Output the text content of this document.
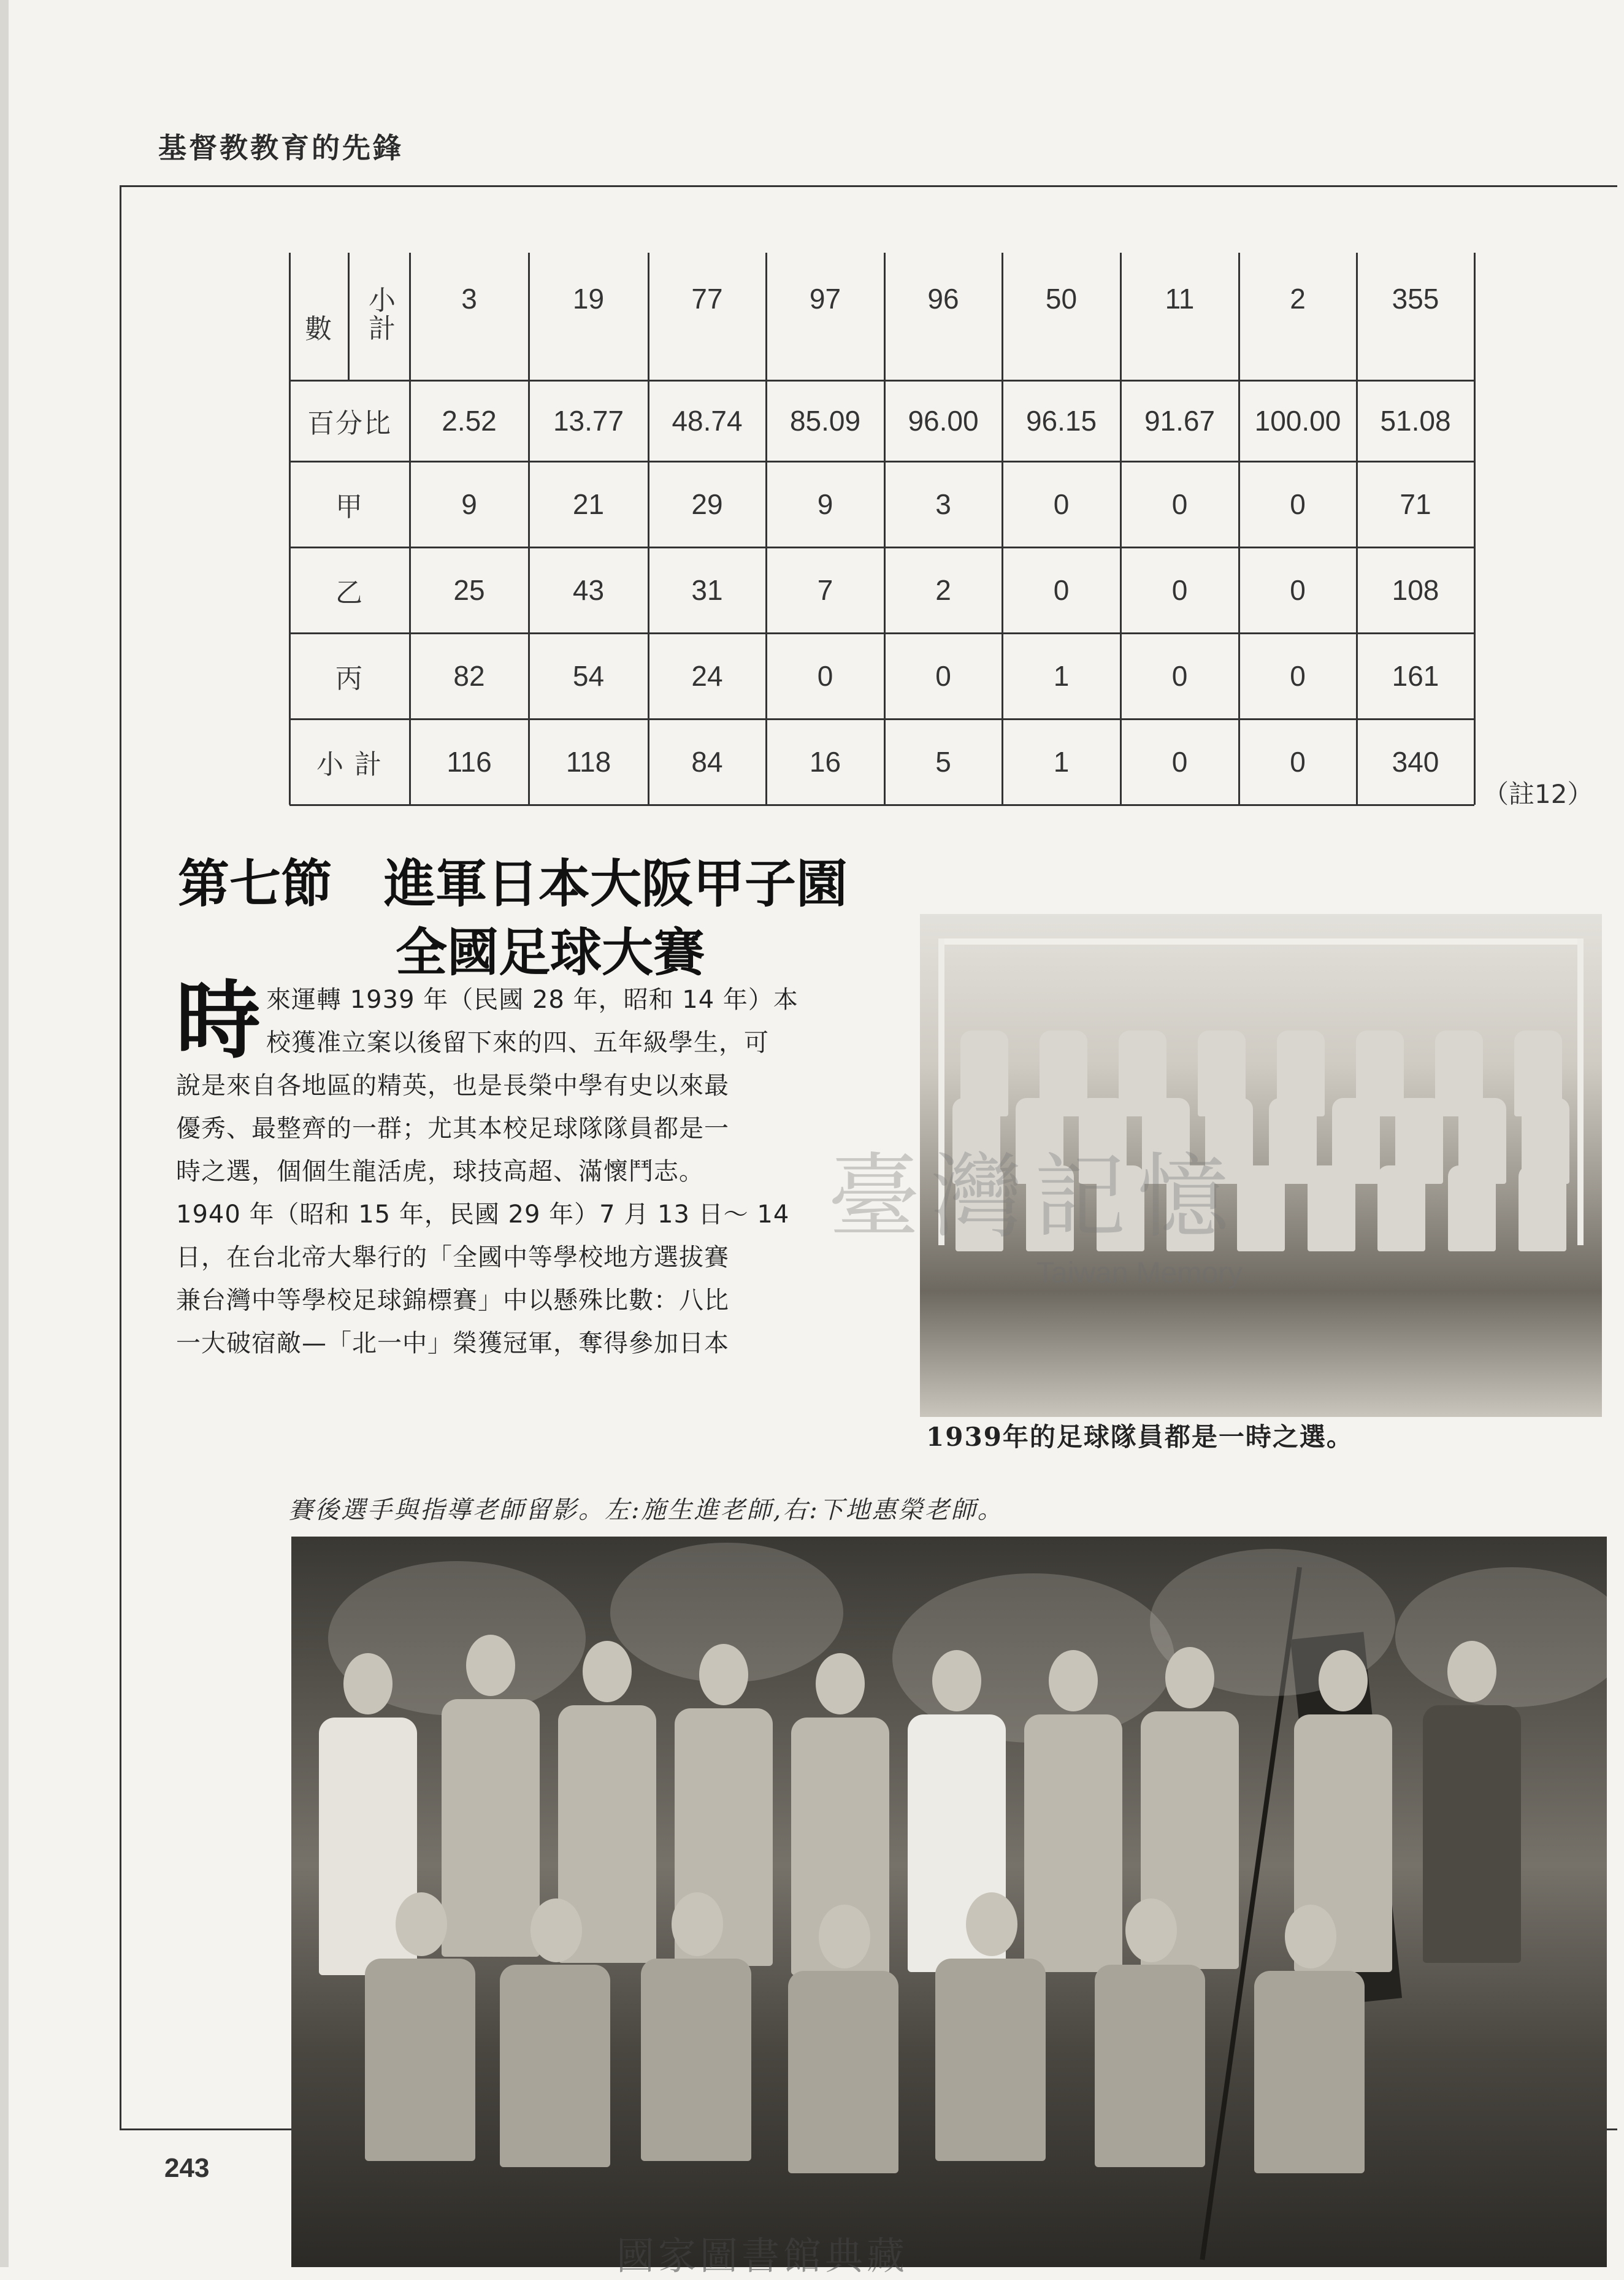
基督教教育的先鋒
數	小計	3	19	77	97	96	50	11	2	355
百分比	2.52	13.77	48.74	85.09	96.00	96.15	91.67	100.00	51.08
甲	9	21	29	9	3	0	0	0	71
乙	25	43	31	7	2	0	0	0	108
丙	82	54	24	0	0	1	0	0	161
小 計	116	118	84	16	5	1	0	0	340
（註12）
第七節　進軍日本大阪甲子園
全國足球大賽
時 來運轉 1939 年（民國 28 年，昭和 14 年）本
校獲准立案以後留下來的四、五年級學生，可
說是來自各地區的精英，也是長榮中學有史以來最
優秀、最整齊的一群；尤其本校足球隊隊員都是一
時之選，個個生龍活虎，球技高超、滿懷鬥志。
1940 年（昭和 15 年，民國 29 年）7 月 13 日～ 14
日，在台北帝大舉行的「全國中等學校地方選拔賽
兼台灣中等學校足球錦標賽」中以懸殊比數：八比
一大破宿敵—「北一中」榮獲冠軍，奪得參加日本
1939年的足球隊員都是一時之選。
臺灣記憶
Taiwan Memory
賽後選手與指導老師留影。左:施生進老師,右:下地惠榮老師。
243
國家圖書館典藏
